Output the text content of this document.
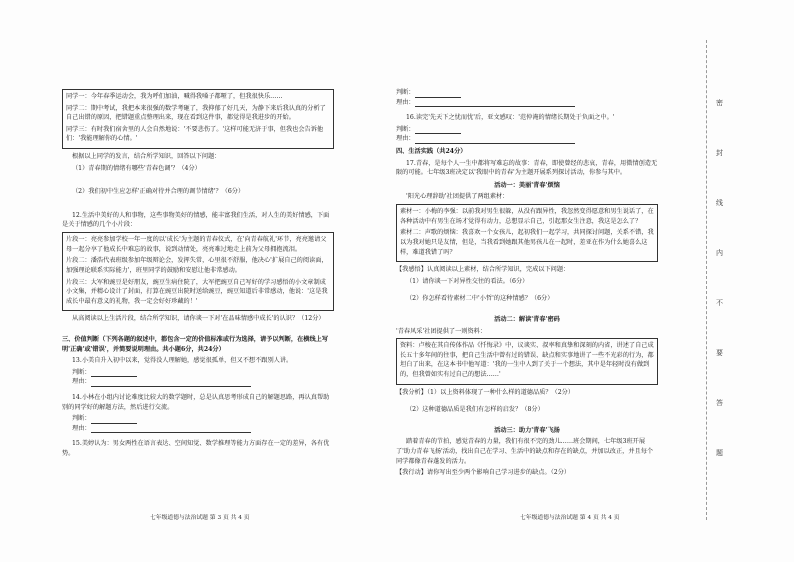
密
封
线
内
不
要
答
题
同学一：今年春季运动会，我为呼们加油，喊得我嗓子都哑了，但我很快乐……
同学二：期中考试，我把本来很强的数学考砸了，我抑郁了好几天，为静下来后我认真的分析了自己出错的原因，把错题重点整理出来，现在看到这件事，都觉得是我进步的开始。
同学三：有时我们宿舍里的人会自然地说：'不要悲伤了。'这样可能无济于事，但我也会告诉他们：'我能理解你的心情。'
根据以上同学的发言，结合所学知识，回答以下问题：
（1）青春期的情绪有哪些'青春色调'？（4分）
（2）我们初中生应怎样'正确对待并合理的调节情绪'？（6分）
12.生活中美好的人和事物，这些事物美好的情感，能丰富我们生活，对人生的美好情感，下面是关于情感的几个小片段：
片段一：亮亮参加学校一年一度的以'成长'为主题的青春仪式，在'向青春航礼'环节，亮亮邀请父母一起分享了他成长中难忘的故事，说到动情处，亮亮难过地走上前为父母拥抱流泪。
片段二：潘浩代表班级参加年级辩论会，发挥失常，心里很不舒服，他决心'扩展自己的阅读面，加强理论联系实际能力'，班里同学的鼓励和安慰让他非常感动。
片段三：大军和豌豆是好朋友，豌豆生病住院了，大军把豌豆自己写好的学习感悟的小文章制成小文集，并精心设计了封面，打算在豌豆出院时送给豌豆，豌豆知道后非常感动，他说：'这是我成长中最有意义的礼物，我一定会好好珍藏的！'
从高阅读以上生活片段，结合所学知识，请你谈一下对'在品味情感中成长'的认识？（12分）
三、价值判断（下列各题的叙述中，都包含一定的价值标准或行为选择，请予以判断，在横线上写明'正确'或'错误'，并简要说明理由。共小题6分，共24分）
13.小美自升入初中以来，觉得没人理解她，感觉很孤单，但又不想不跟别人讲。
判断：
理由：
14.小林在小组内讨论难度比较大的数学题时，总是认真思考形成自己的解题思路，再认真帮助别的同学好的解题方法，然后进行交流。
判断：
理由：
15.美婷认为：男女两性在语言表达、空间知觉、数学推理等能力方面存在一定的差异，各有优势。
判断：
理由：
16.读完'先天下之忧而忧'后，亚文感叹：'范仲淹的情绪长期处于负面之中。'
判断：
理由：
四、生活实践（共24分）
17.青春，是每个人一生中都将写难忘的故事：青春，即使曾经的悲哀，青春，用微情创造无限的可能。七年级3班决定以'我眼中的青春'为主题开展系列探讨活动，你参与其中。
活动一：美丽'青春'烦恼
'阳光心理辞助'社团提供了两组素材：
素材一：小梅的李强：以前我对男生很躲，从没有跟异性，我忽然变得愿意和男生说话了，在各种活动中有男生在场才觉得有动力，总想显示自己，引起那女生注意，我这是怎么了？
素材二：声歌的烦恼：我喜欢一个女孩儿，起初我们一起学习，共同探讨问题，关系不错，我以为我对她只是友情，但是，当我看到她跟其他男孩儿在一起时，差亚在作为什么她喜么这样，难道我错了吗？
【我感悟】认真阅读以上素材，结合所学知识，完成以下问题：
（1）请你谈一下对异性交往的看法。（6分）
（2）你怎样看待素材二中'小哲'的这种情感？（6分）
活动二：解读'青春'密码
'青春风采'社团提供了一则资料：
资料：卢梭在其自传体作品《忏悔录》中，议谈实、叔率和真挚和深刻的内省，讲述了自己成长五十多年间的往事，把自己生活中曾有过的错误、缺点和实事地讲了一些不光彩的行为，都坦白了出来，在这本书中他写道：'我的一生中人到了关于一个想法，其中是年轻时没有做到的，但我曾如实有过自己的想法……'
【我分析】（1）以上资料体现了一种什么样的道德品质？（2分）
（2）这种道德品质是我们有怎样的启发？（8分）
活动三：助力'青春'飞扬
踏着青春的节拍，感觉青春的力量，我们有很不完的劲儿……班会期间，七年级3班开展了'助力青春飞扬'活动，找出自己在学习、生活中的缺点和存在的缺点，并加以改正，并且每个同学都像青春蓬发的活力。
【我行动】请你写出至少两个影响自己学习进步的缺点。（2分）
七年级道德与法治试题 第 3 页 共 4 页	七年级道德与法治试题 第 4 页 共 4 页
